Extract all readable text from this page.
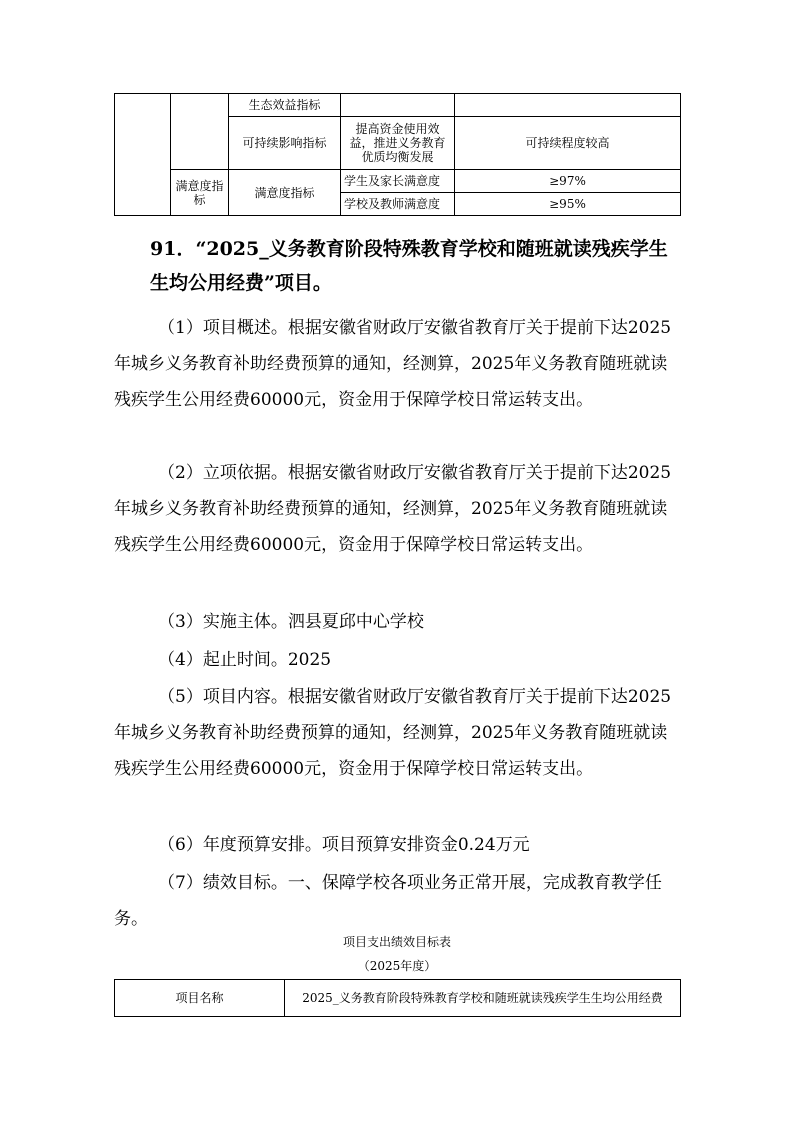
		生态效益指标		
		可持续影响指标	提高资金使用效益，推进义务教育优质均衡发展	可持续程度较高
	满意度指标	满意度指标	学生及家长满意度	≥97%
			学校及教师满意度	≥95%

91．“2025_义务教育阶段特殊教育学校和随班就读残疾学生生均公用经费”项目。

（1）项目概述。根据安徽省财政厅安徽省教育厅关于提前下达2025年城乡义务教育补助经费预算的通知，经测算，2025年义务教育随班就读残疾学生公用经费60000元，资金用于保障学校日常运转支出。

（2）立项依据。根据安徽省财政厅安徽省教育厅关于提前下达2025年城乡义务教育补助经费预算的通知，经测算，2025年义务教育随班就读残疾学生公用经费60000元，资金用于保障学校日常运转支出。

（3）实施主体。泗县夏邱中心学校

（4）起止时间。2025

（5）项目内容。根据安徽省财政厅安徽省教育厅关于提前下达2025年城乡义务教育补助经费预算的通知，经测算，2025年义务教育随班就读残疾学生公用经费60000元，资金用于保障学校日常运转支出。

（6）年度预算安排。项目预算安排资金0.24万元

（7）绩效目标。一、保障学校各项业务正常开展，完成教育教学任务。

项目支出绩效目标表

（2025年度）

项目名称	2025_义务教育阶段特殊教育学校和随班就读残疾学生生均公用经费
